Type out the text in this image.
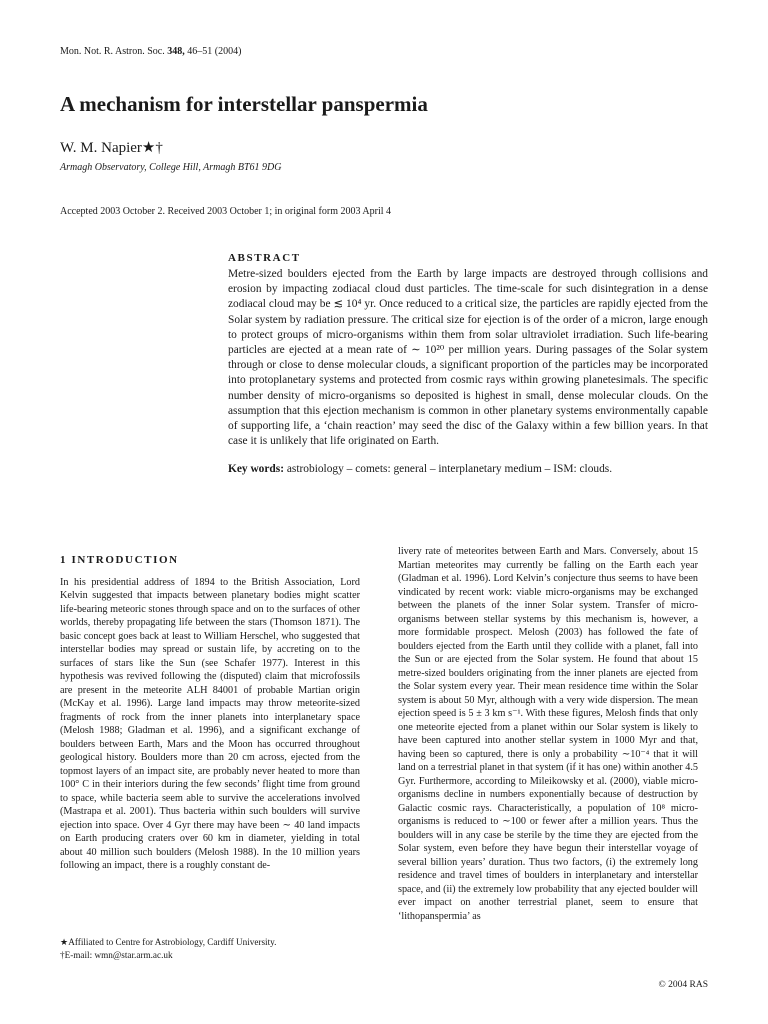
Mon. Not. R. Astron. Soc. 348, 46–51 (2004)
A mechanism for interstellar panspermia
W. M. Napier★†
Armagh Observatory, College Hill, Armagh BT61 9DG
Accepted 2003 October 2. Received 2003 October 1; in original form 2003 April 4
ABSTRACT

Metre-sized boulders ejected from the Earth by large impacts are destroyed through collisions and erosion by impacting zodiacal cloud dust particles. The time-scale for such disintegration in a dense zodiacal cloud may be ≲ 10⁴ yr. Once reduced to a critical size, the particles are rapidly ejected from the Solar system by radiation pressure. The critical size for ejection is of the order of a micron, large enough to protect groups of micro-organisms within them from solar ultraviolet irradiation. Such life-bearing particles are ejected at a mean rate of ∼ 10²⁰ per million years. During passages of the Solar system through or close to dense molecular clouds, a significant proportion of the particles may be incorporated into protoplanetary systems and protected from cosmic rays within growing planetesimals. The specific number density of micro-organisms so deposited is highest in small, dense molecular clouds. On the assumption that this ejection mechanism is common in other planetary systems environmentally capable of supporting life, a ‘chain reaction’ may seed the disc of the Galaxy within a few billion years. In that case it is unlikely that life originated on Earth.

Key words: astrobiology – comets: general – interplanetary medium – ISM: clouds.
1 INTRODUCTION

In his presidential address of 1894 to the British Association, Lord Kelvin suggested that impacts between planetary bodies might scatter life-bearing meteoric stones through space and on to the surfaces of other worlds, thereby propagating life between the stars (Thomson 1871). The basic concept goes back at least to William Herschel, who suggested that interstellar bodies may spread or sustain life, by accreting on to the surfaces of stars like the Sun (see Schafer 1977). Interest in this hypothesis was revived following the (disputed) claim that microfossils are present in the meteorite ALH 84001 of probable Martian origin (McKay et al. 1996). Large land impacts may throw meteorite-sized fragments of rock from the inner planets into interplanetary space (Melosh 1988; Gladman et al. 1996), and a significant exchange of boulders between Earth, Mars and the Moon has occurred throughout geological history. Boulders more than 20 cm across, ejected from the topmost layers of an impact site, are probably never heated to more than 100° C in their interiors during the few seconds’ flight time from ground to space, while bacteria seem able to survive the accelerations involved (Mastrapa et al. 2001). Thus bacteria within such boulders will survive ejection into space. Over 4 Gyr there may have been ∼ 40 land impacts on Earth producing craters over 60 km in diameter, yielding in total about 40 million such boulders (Melosh 1988). In the 10 million years following an impact, there is a roughly constant de-

livery rate of meteorites between Earth and Mars. Conversely, about 15 Martian meteorites may currently be falling on the Earth each year (Gladman et al. 1996). Lord Kelvin’s conjecture thus seems to have been vindicated by recent work: viable micro-organisms may be exchanged between the planets of the inner Solar system. Transfer of micro-organisms between stellar systems by this mechanism is, however, a more formidable prospect. Melosh (2003) has followed the fate of boulders ejected from the Earth until they collide with a planet, fall into the Sun or are ejected from the Solar system. He found that about 15 metre-sized boulders originating from the inner planets are ejected from the Solar system every year. Their mean residence time within the Solar system is about 50 Myr, although with a very wide dispersion. The mean ejection speed is 5 ± 3 km s⁻¹. With these figures, Melosh finds that only one meteorite ejected from a planet within our Solar system is likely to have been captured into another stellar system in 1000 Myr and that, having been so captured, there is only a probability ∼10⁻⁴ that it will land on a terrestrial planet in that system (if it has one) within another 4.5 Gyr. Furthermore, according to Mileikowsky et al. (2000), viable micro-organisms decline in numbers exponentially because of destruction by Galactic cosmic rays. Characteristically, a population of 10⁸ micro-organisms is reduced to ∼100 or fewer after a million years. Thus the boulders will in any case be sterile by the time they are ejected from the Solar system, even before they have begun their interstellar voyage of several billion years’ duration. Thus two factors, (i) the extremely long residence and travel times of boulders in interplanetary and interstellar space, and (ii) the extremely low probability that any ejected boulder will ever impact on another terrestrial planet, seem to ensure that ‘lithopanspermia’ as

★Affiliated to Centre for Astrobiology, Cardiff University.
†E-mail: wmn@star.arm.ac.uk
© 2004 RAS
